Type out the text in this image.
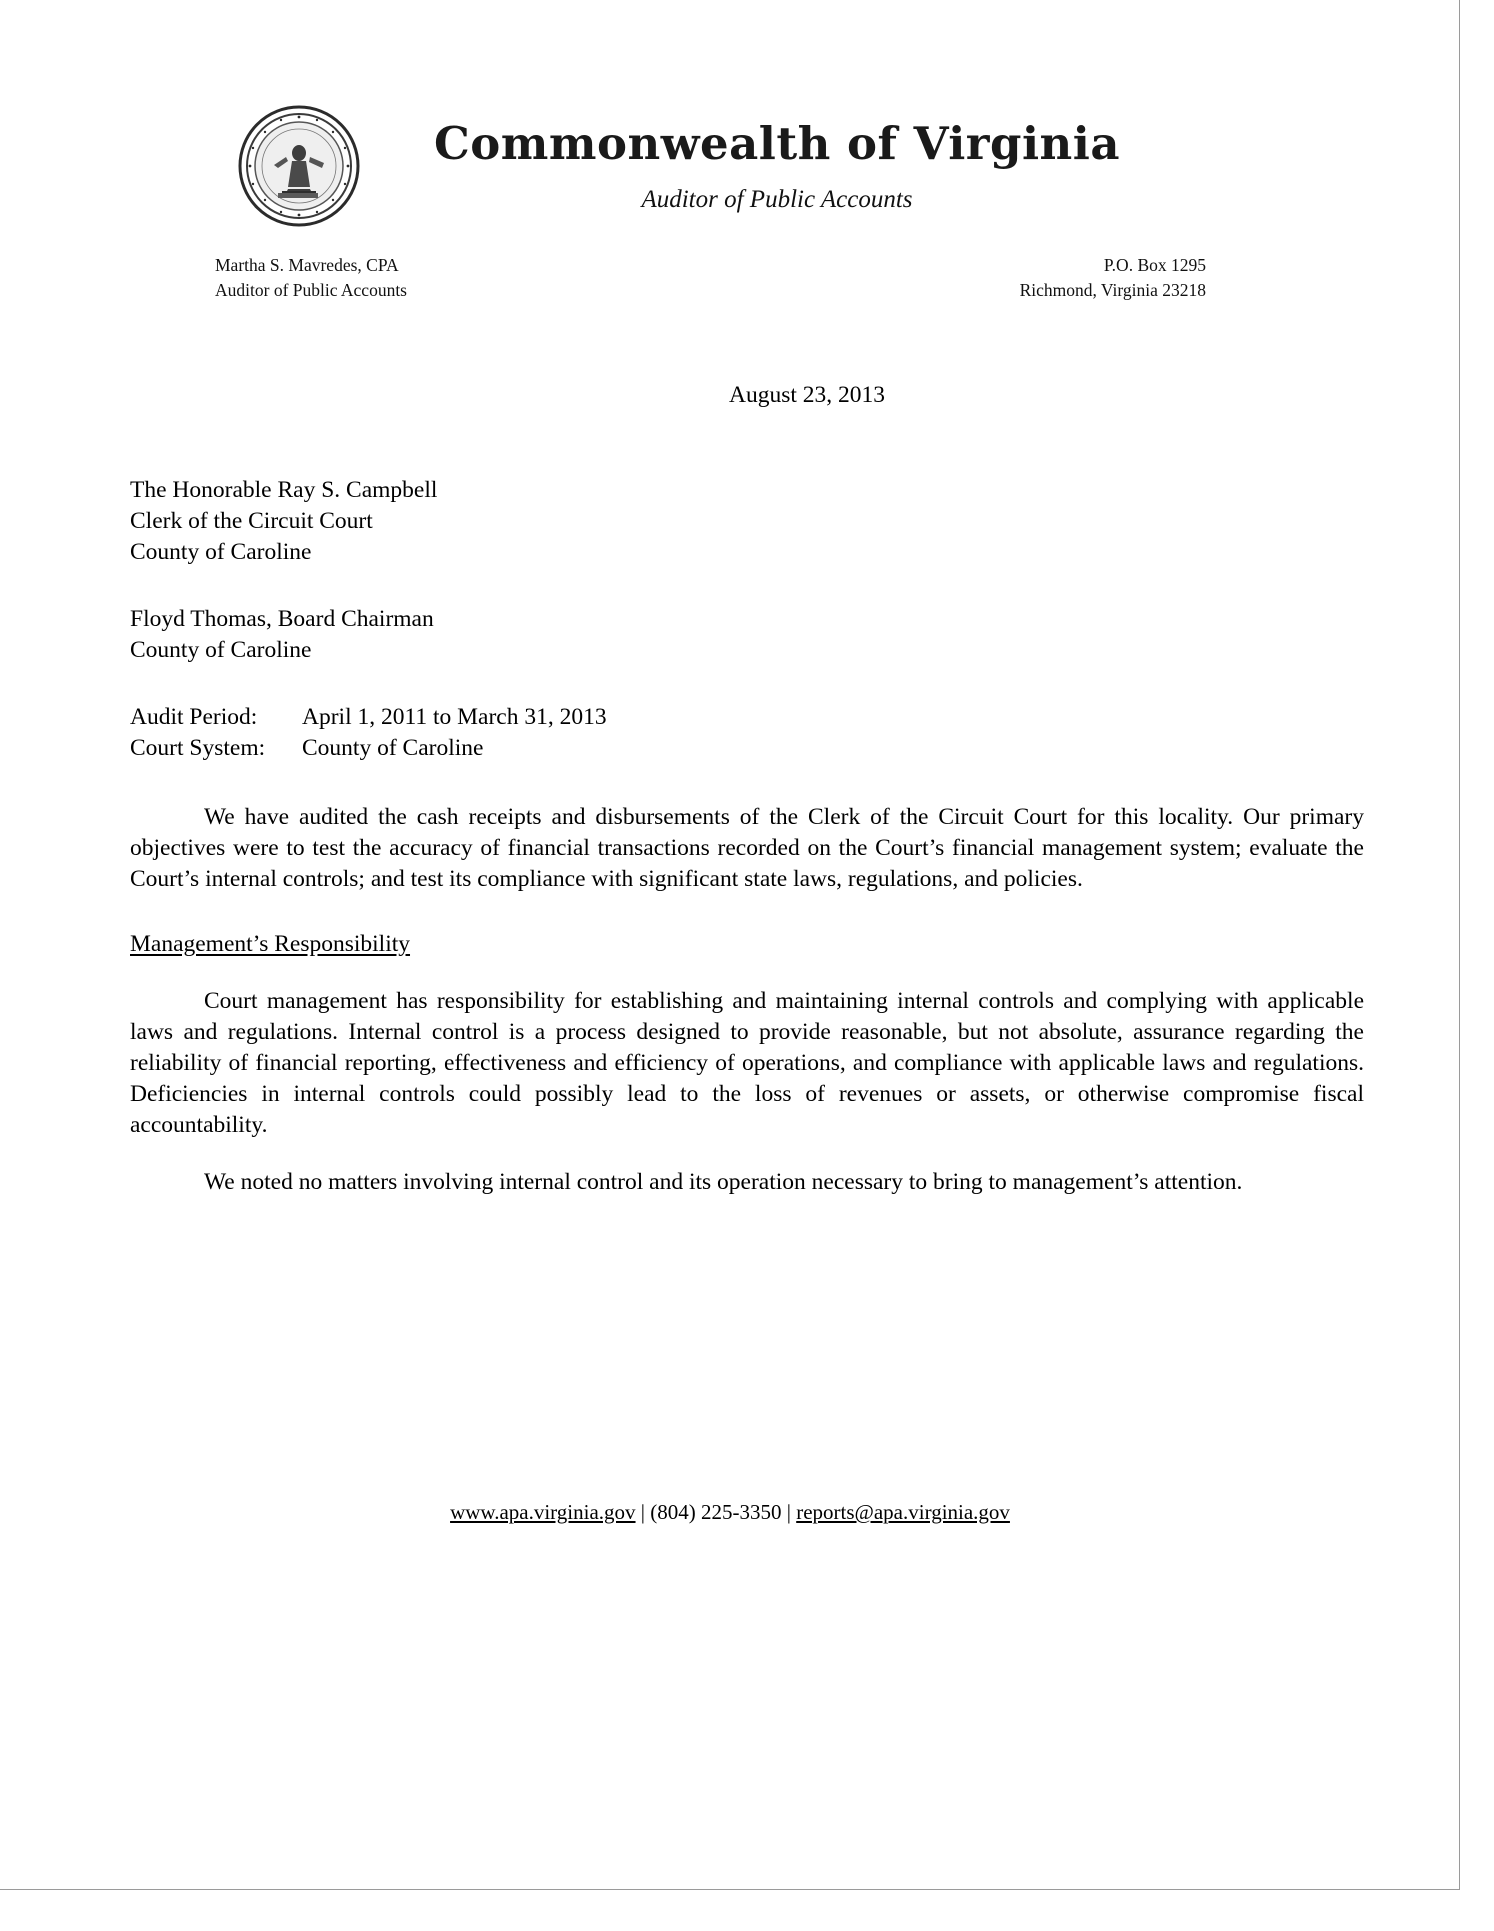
Commonwealth of Virginia
Auditor of Public Accounts
Martha S. Mavredes, CPA
Auditor of Public Accounts
P.O. Box 1295
Richmond, Virginia 23218
August 23, 2013
The Honorable Ray S. Campbell
Clerk of the Circuit Court
County of Caroline
Floyd Thomas, Board Chairman
County of Caroline
Audit Period:	April 1, 2011 to March 31, 2013
Court System:	County of Caroline

We have audited the cash receipts and disbursements of the Clerk of the Circuit Court for this locality. Our primary objectives were to test the accuracy of financial transactions recorded on the Court’s financial management system; evaluate the Court’s internal controls; and test its compliance with significant state laws, regulations, and policies.

Management’s Responsibility

Court management has responsibility for establishing and maintaining internal controls and complying with applicable laws and regulations. Internal control is a process designed to provide reasonable, but not absolute, assurance regarding the reliability of financial reporting, effectiveness and efficiency of operations, and compliance with applicable laws and regulations. Deficiencies in internal controls could possibly lead to the loss of revenues or assets, or otherwise compromise fiscal accountability.

We noted no matters involving internal control and its operation necessary to bring to management’s attention.

www.apa.virginia.gov | (804) 225-3350 | reports@apa.virginia.gov
